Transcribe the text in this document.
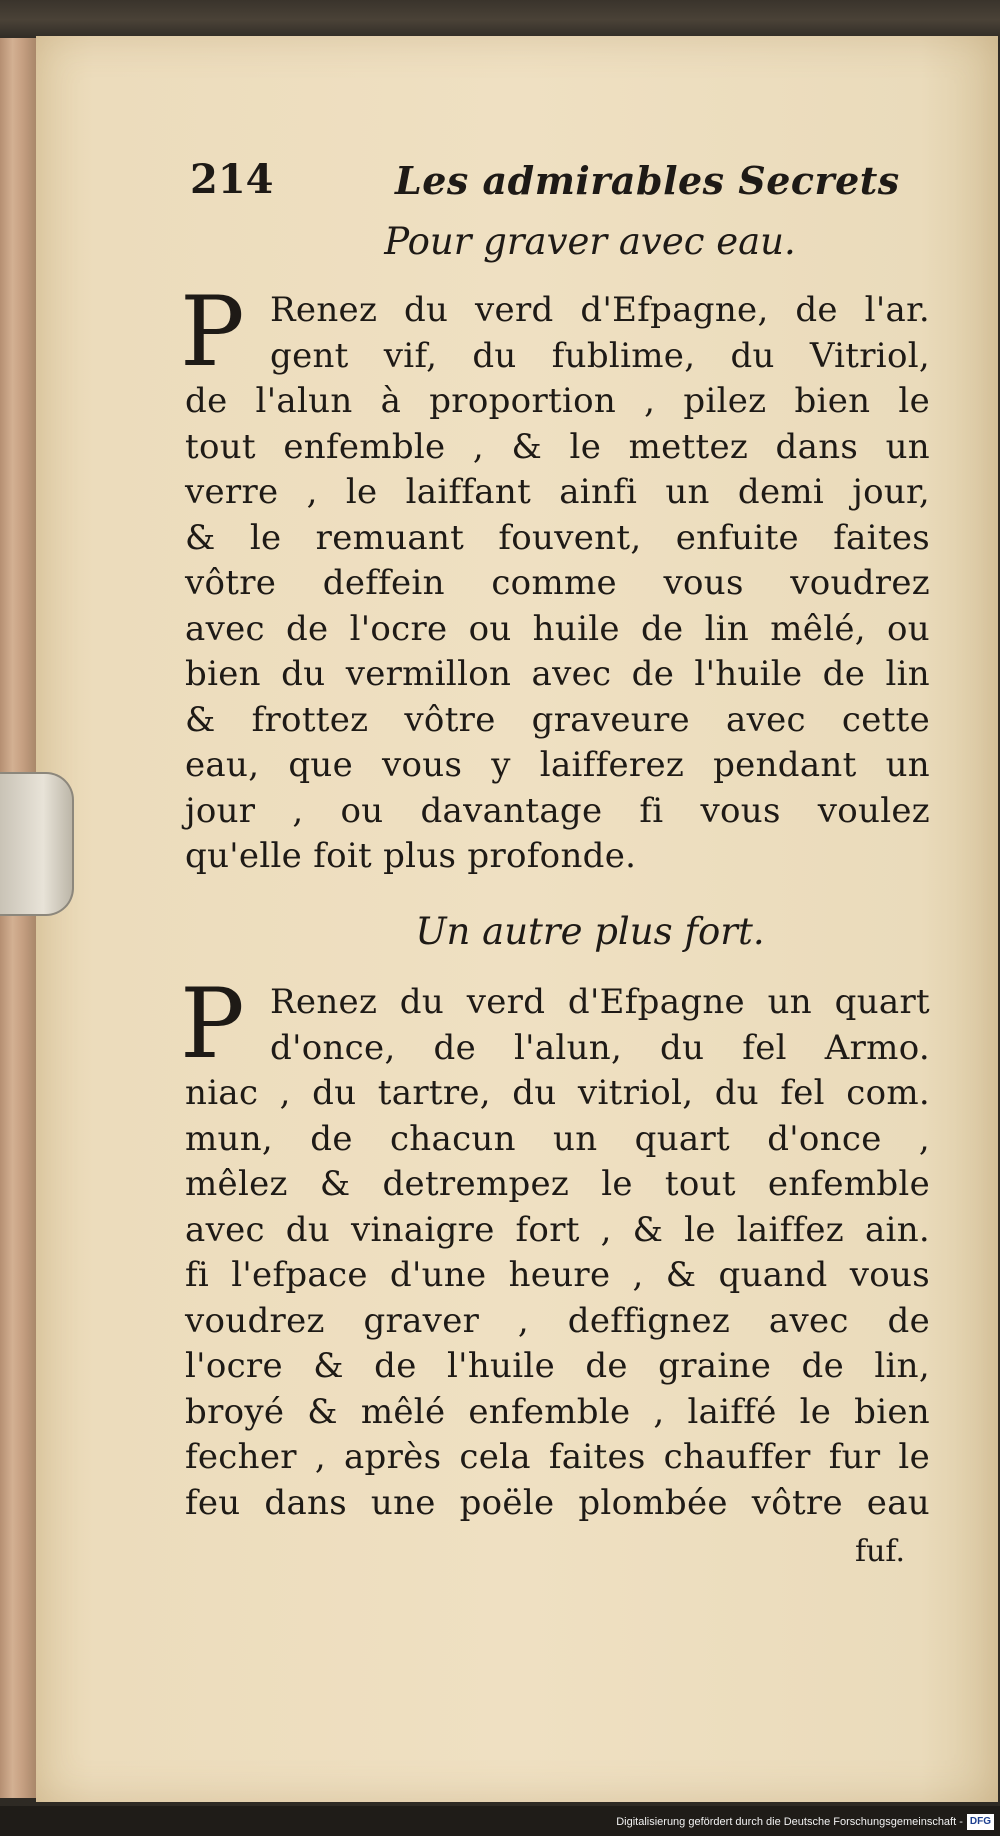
214	Les admirables Secrets
Pour graver avec eau.
P Renez du verd d'Efpagne, de l'ar.
gent vif, du fublime, du Vitriol,
de l'alun à proportion , pilez bien le
tout enfemble , & le mettez dans un
verre , le laiffant ainfi un demi jour,
& le remuant fouvent, enfuite faites
vôtre deffein comme vous voudrez
avec de l'ocre ou huile de lin mêlé, ou
bien du vermillon avec de l'huile de lin
& frottez vôtre graveure avec cette
eau, que vous y laifferez pendant un
jour , ou davantage fi vous voulez
qu'elle foit plus profonde.
Un autre plus fort.
P Renez du verd d'Efpagne un quart
d'once, de l'alun, du fel Armo.
niac , du tartre, du vitriol, du fel com.
mun, de chacun un quart d'once ,
mêlez & detrempez le tout enfemble
avec du vinaigre fort , & le laiffez ain.
fi l'efpace d'une heure , & quand vous
voudrez graver , deffignez avec de
l'ocre & de l'huile de graine de lin,
broyé & mêlé enfemble , laiffé le bien
fecher , après cela faites chauffer fur le
feu dans une poële plombée vôtre eau
fuf.
Digitalisierung gefördert durch die Deutsche Forschungsgemeinschaft - DFG
